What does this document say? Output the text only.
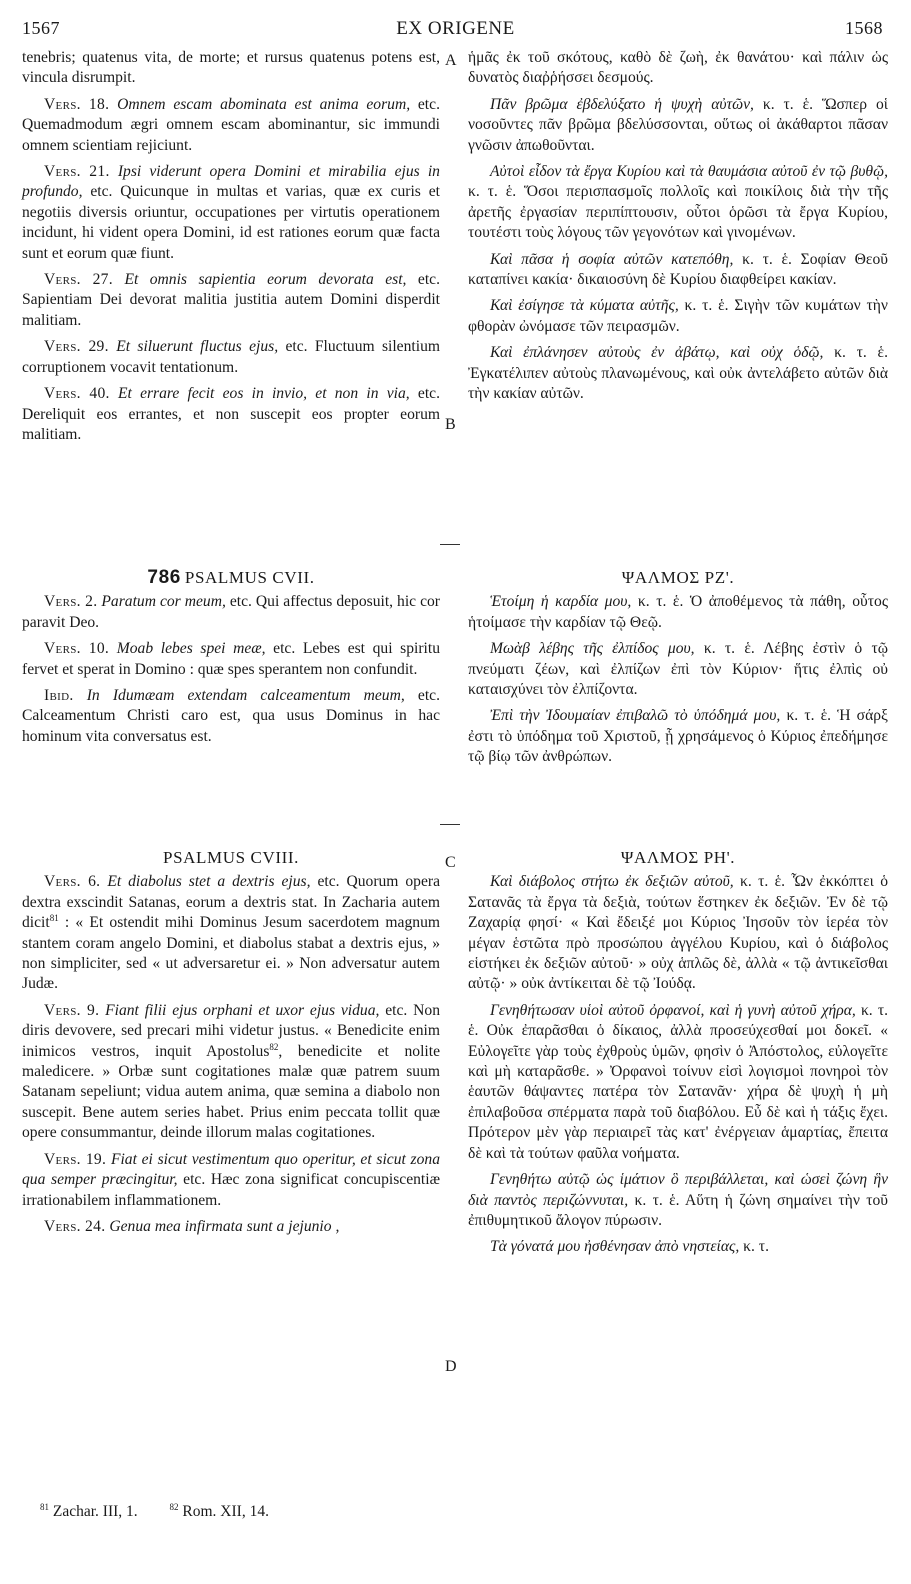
1567	EX ORIGENE	1568
A
B
C
D

tenebris; quatenus vita, de morte; et rursus quatenus potens est, vincula disrumpit.

Vers. 18. Omnem escam abominata est anima eorum, etc. Quemadmodum ægri omnem escam abominantur, sic immundi omnem scientiam rejiciunt.

Vers. 21. Ipsi viderunt opera Domini et mirabilia ejus in profundo, etc. Quicunque in multas et varias, quæ ex curis et negotiis diversis oriuntur, occupationes per virtutis operationem incidunt, hi vident opera Domini, id est rationes eorum quæ facta sunt et eorum quæ fiunt.

Vers. 27. Et omnis sapientia eorum devorata est, etc. Sapientiam Dei devorat malitia justitia autem Domini disperdit malitiam.

Vers. 29. Et siluerunt fluctus ejus, etc. Fluctuum silentium corruptionem vocavit tentationum.

Vers. 40. Et errare fecit eos in invio, et non in via, etc. Dereliquit eos errantes, et non suscepit eos propter eorum malitiam.

786 PSALMUS CVII.

Vers. 2. Paratum cor meum, etc. Qui affectus deposuit, hic cor paravit Deo.

Vers. 10. Moab lebes spei meæ, etc. Lebes est qui spiritu fervet et sperat in Domino : quæ spes sperantem non confundit.

Ibid. In Idumæam extendam calceamentum meum, etc. Calceamentum Christi caro est, qua usus Dominus in hac hominum vita conversatus est.

PSALMUS CVIII.

Vers. 6. Et diabolus stet a dextris ejus, etc. Quorum opera dextra exscindit Satanas, eorum a dextris stat. In Zacharia autem dicit$^{81}$ : « Et ostendit mihi Dominus Jesum sacerdotem magnum stantem coram angelo Domini, et diabolus stabat a dextris ejus, » non simpliciter, sed « ut adversaretur ei. » Non adversatur autem Judæ.

Vers. 9. Fiant filii ejus orphani et uxor ejus vidua, etc. Non diris devovere, sed precari mihi videtur justus. « Benedicite enim inimicos vestros, inquit Apostolus$^{82}$, benedicite et nolite maledicere. » Orbæ sunt cogitationes malæ quæ patrem suum Satanam sepeliunt; vidua autem anima, quæ semina a diabolo non suscepit. Bene autem series habet. Prius enim peccata tollit quæ opere consummantur, deinde illorum malas cogitationes.

Vers. 19. Fiat ei sicut vestimentum quo operitur, et sicut zona qua semper præcingitur, etc. Hæc zona significat concupiscentiæ irrationabilem inflammationem.

Vers. 24. Genua mea infirmata sunt a jejunio ,

$^{81}$ Zachar. III, 1.	$^{82}$ Rom. XII, 14.

ἡμᾶς ἐκ τοῦ σκότους, καθὸ δὲ ζωὴ, ἐκ θανάτου· καὶ πάλιν ὡς δυνατὸς διαῤῥήσσει δεσμούς.

Πᾶν βρῶμα ἐβδελύξατο ἡ ψυχὴ αὐτῶν, κ. τ. ἑ. Ὥσπερ οἱ νοσοῦντες πᾶν βρῶμα βδελύσσονται, οὕτως οἱ ἀκάθαρτοι πᾶσαν γνῶσιν ἀπωθοῦνται.

Αὐτοὶ εἶδον τὰ ἔργα Κυρίου καὶ τὰ θαυμάσια αὐτοῦ ἐν τῷ βυθῷ, κ. τ. ἑ. Ὅσοι περισπασμοῖς πολλοῖς καὶ ποικίλοις διὰ τὴν τῆς ἀρετῆς ἐργασίαν περιπίπτουσιν, οὗτοι ὁρῶσι τὰ ἔργα Κυρίου, τουτέστι τοὺς λόγους τῶν γεγονότων καὶ γινομένων.

Καὶ πᾶσα ἡ σοφία αὐτῶν κατεπόθη, κ. τ. ἑ. Σοφίαν Θεοῦ καταπίνει κακία· δικαιοσύνη δὲ Κυρίου διαφθείρει κακίαν.

Καὶ ἐσίγησε τὰ κύματα αὐτῆς, κ. τ. ἑ. Σιγὴν τῶν κυμάτων τὴν φθορὰν ὠνόμασε τῶν πειρασμῶν.

Καὶ ἐπλάνησεν αὐτοὺς ἐν ἀβάτῳ, καὶ οὐχ ὁδῷ, κ. τ. ἑ. Ἐγκατέλιπεν αὐτοὺς πλανωμένους, καὶ οὐκ ἀντελάβετο αὐτῶν διὰ τὴν κακίαν αὐτῶν.

ΨΑΛΜΟΣ ΡΖ'.

Ἑτοίμη ἡ καρδία μου, κ. τ. ἑ. Ὁ ἀποθέμενος τὰ πάθη, οὗτος ἡτοίμασε τὴν καρδίαν τῷ Θεῷ.

Μωὰβ λέβης τῆς ἐλπίδος μου, κ. τ. ἑ. Λέβης ἐστὶν ὁ τῷ πνεύματι ζέων, καὶ ἐλπίζων ἐπὶ τὸν Κύριον· ἥτις ἐλπὶς οὐ καταισχύνει τὸν ἐλπίζοντα.

Ἐπὶ τὴν Ἰδουμαίαν ἐπιβαλῶ τὸ ὑπόδημά μου, κ. τ. ἑ. Ἡ σάρξ ἐστι τὸ ὑπόδημα τοῦ Χριστοῦ, ᾗ χρησάμενος ὁ Κύριος ἐπεδήμησε τῷ βίῳ τῶν ἀνθρώπων.

ΨΑΛΜΟΣ ΡΗ'.

Καὶ διάβολος στήτω ἐκ δεξιῶν αὐτοῦ, κ. τ. ἑ. Ὧν ἐκκόπτει ὁ Σατανᾶς τὰ ἔργα τὰ δεξιὰ, τούτων ἕστηκεν ἐκ δεξιῶν. Ἐν δὲ τῷ Ζαχαρίᾳ φησί· « Καὶ ἔδειξέ μοι Κύριος Ἰησοῦν τὸν ἱερέα τὸν μέγαν ἑστῶτα πρὸ προσώπου ἀγγέλου Κυρίου, καὶ ὁ διάβολος εἱστήκει ἐκ δεξιῶν αὐτοῦ· » οὐχ ἁπλῶς δὲ, ἀλλὰ « τῷ ἀντικεῖσθαι αὐτῷ· » οὐκ ἀντίκειται δὲ τῷ Ἰούδᾳ.

Γενηθήτωσαν υἱοὶ αὐτοῦ ὀρφανοί, καὶ ἡ γυνὴ αὐτοῦ χήρα, κ. τ. ἑ. Οὐκ ἐπαρᾶσθαι ὁ δίκαιος, ἀλλὰ προσεύχεσθαί μοι δοκεῖ. « Εὐλογεῖτε γὰρ τοὺς ἐχθροὺς ὑμῶν, φησὶν ὁ Ἀπόστολος, εὐλογεῖτε καὶ μὴ καταρᾶσθε. » Ὀρφανοὶ τοίνυν εἰσὶ λογισμοὶ πονηροὶ τὸν ἑαυτῶν θάψαντες πατέρα τὸν Σατανᾶν· χήρα δὲ ψυχὴ ἡ μὴ ἐπιλαβοῦσα σπέρματα παρὰ τοῦ διαβόλου. Εὖ δὲ καὶ ἡ τάξις ἔχει. Πρότερον μὲν γὰρ περιαιρεῖ τὰς κατ' ἐνέργειαν ἁμαρτίας, ἔπειτα δὲ καὶ τὰ τούτων φαῦλα νοήματα.

Γενηθήτω αὐτῷ ὡς ἱμάτιον ὃ περιβάλλεται, καὶ ὡσεὶ ζώνη ἣν διὰ παντὸς περιζώννυται, κ. τ. ἑ. Αὕτη ἡ ζώνη σημαίνει τὴν τοῦ ἐπιθυμητικοῦ ἄλογον πύρωσιν.

Τὰ γόνατά μου ἠσθένησαν ἀπὸ νηστείας, κ. τ.
